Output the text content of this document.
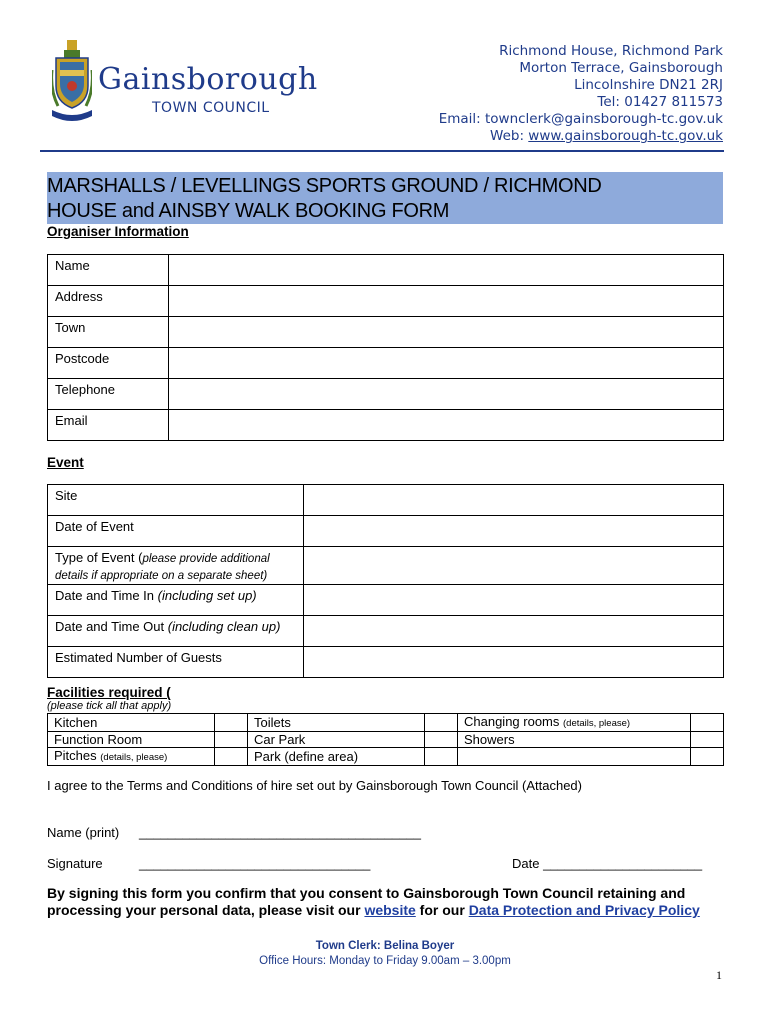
Gainsborough
TOWN COUNCIL
Richmond House, Richmond Park
Morton Terrace, Gainsborough
Lincolnshire DN21 2RJ
Tel: 01427 811573
Email: townclerk@gainsborough-tc.gov.uk
Web: www.gainsborough-tc.gov.uk
MARSHALLS / LEVELLINGS SPORTS GROUND / RICHMOND
HOUSE and AINSBY WALK BOOKING FORM
Organiser Information
Name	
Address	
Town	
Postcode	
Telephone	
Email	
Event
Site	
Date of Event	
Type of Event (please provide additional details if appropriate on a separate sheet)	
Date and Time In (including set up)	
Date and Time Out (including clean up)	
Estimated Number of Guests	
Facilities required (
(please tick all that apply)
Kitchen		Toilets		Changing rooms (details, please)	
Function Room		Car Park		Showers	
Pitches (details, please)		Park (define area)			
I agree to the Terms and Conditions of hire set out by Gainsborough Town Council (Attached)
Name (print) _______________________________________
Signature	________________________________	Date ______________________
By signing this form you confirm that you consent to Gainsborough Town Council retaining and processing your personal data, please visit our website for our Data Protection and Privacy Policy
Town Clerk: Belina Boyer
Office Hours: Monday to Friday 9.00am – 3.00pm
1
